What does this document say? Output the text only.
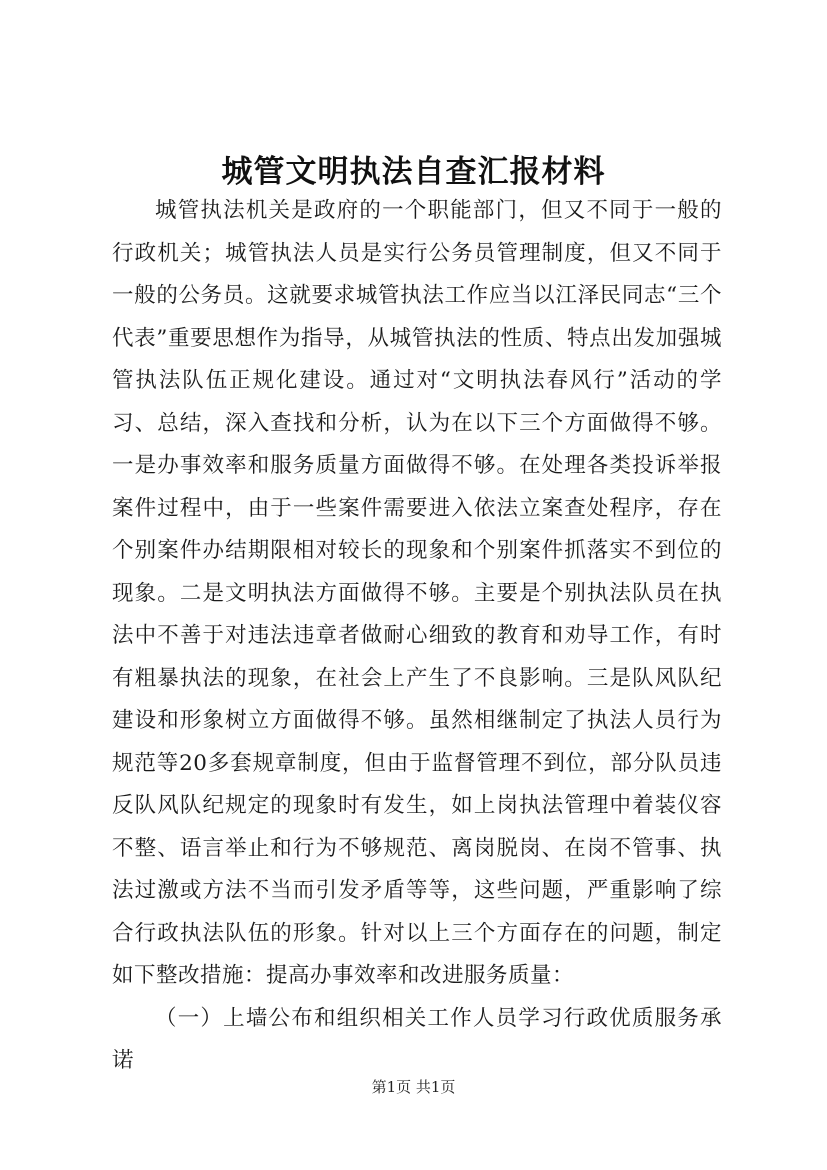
城管文明执法自查汇报材料

城管执法机关是政府的一个职能部门，但又不同于一般的行政机关；城管执法人员是实行公务员管理制度，但又不同于一般的公务员。这就要求城管执法工作应当以江泽民同志“三个代表”重要思想作为指导，从城管执法的性质、特点出发加强城管执法队伍正规化建设。通过对“文明执法春风行”活动的学习、总结，深入查找和分析，认为在以下三个方面做得不够。一是办事效率和服务质量方面做得不够。在处理各类投诉举报案件过程中，由于一些案件需要进入依法立案查处程序，存在个别案件办结期限相对较长的现象和个别案件抓落实不到位的现象。二是文明执法方面做得不够。主要是个别执法队员在执法中不善于对违法违章者做耐心细致的教育和劝导工作，有时有粗暴执法的现象，在社会上产生了不良影响。三是队风队纪建设和形象树立方面做得不够。虽然相继制定了执法人员行为规范等20多套规章制度，但由于监督管理不到位，部分队员违反队风队纪规定的现象时有发生，如上岗执法管理中着装仪容不整、语言举止和行为不够规范、离岗脱岗、在岗不管事、执法过激或方法不当而引发矛盾等等，这些问题，严重影响了综合行政执法队伍的形象。针对以上三个方面存在的问题，制定如下整改措施：提高办事效率和改进服务质量：

（一）上墙公布和组织相关工作人员学习行政优质服务承诺

第1页 共1页
